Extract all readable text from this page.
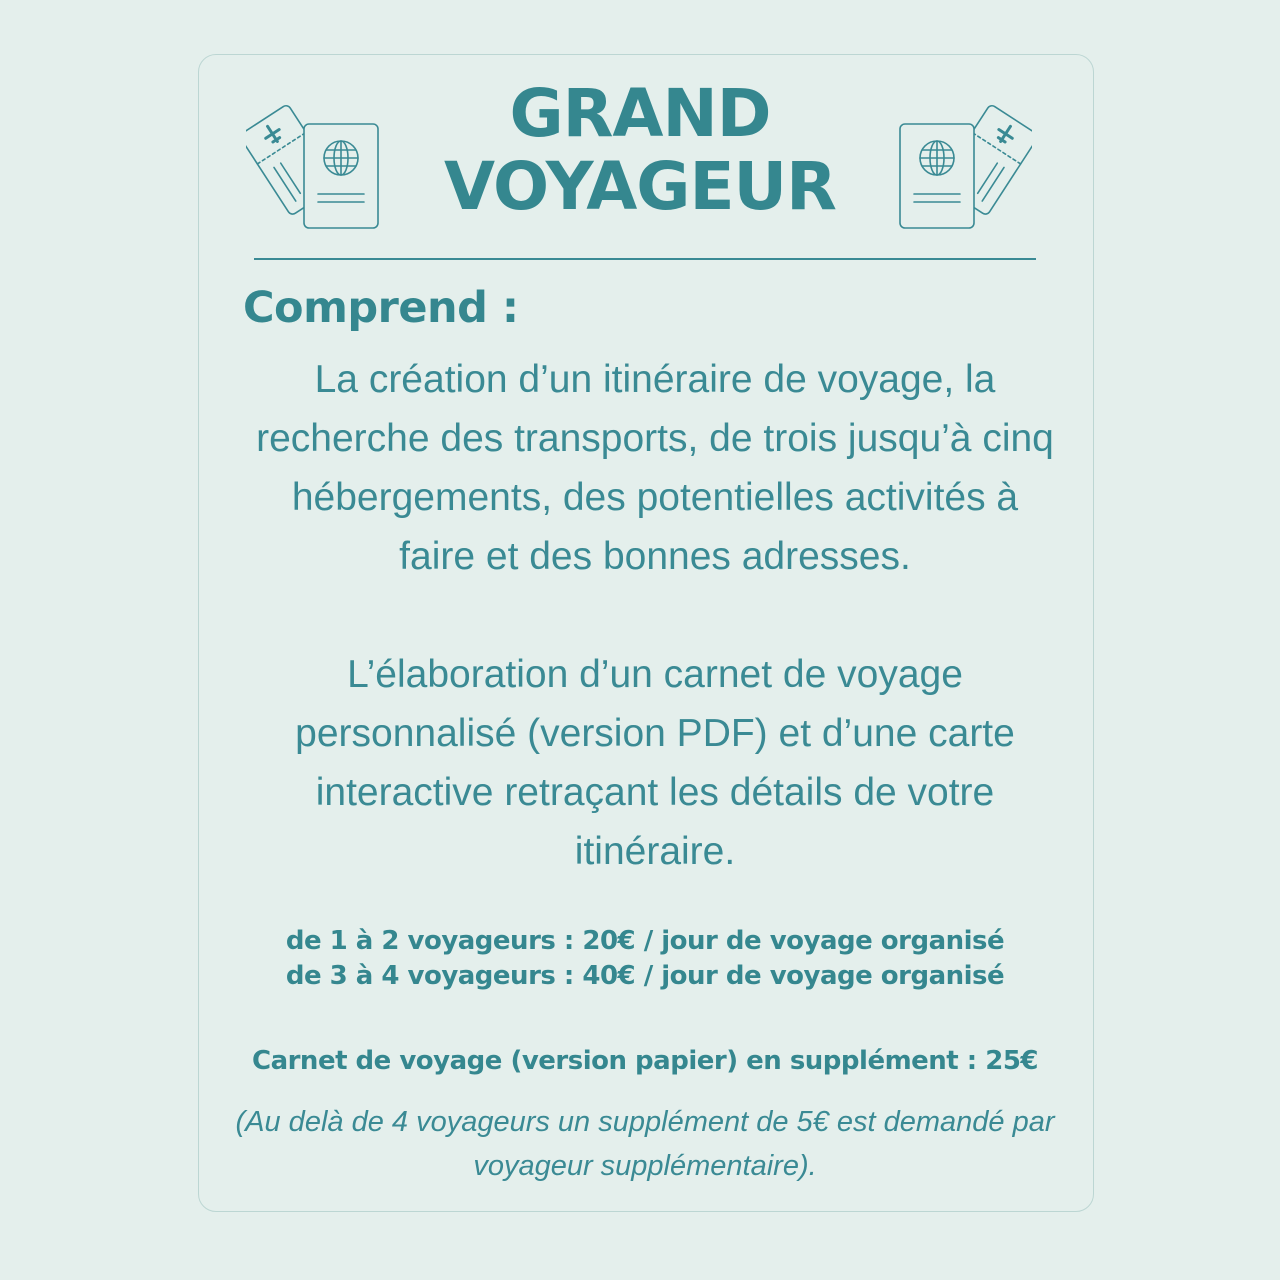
GRAND
VOYAGEUR
Comprend :
La création d’un itinéraire de voyage, la
recherche des transports, de trois jusqu’à cinq
hébergements, des potentielles activités à
faire et des bonnes adresses.
L’élaboration d’un carnet de voyage
personnalisé (version PDF) et d’une carte
interactive retraçant les détails de votre
itinéraire.
de 1 à 2 voyageurs : 20€ / jour de voyage organisé
de 3 à 4 voyageurs : 40€ / jour de voyage organisé
Carnet de voyage (version papier) en supplément : 25€
(Au delà de 4 voyageurs un supplément de 5€ est demandé par
voyageur supplémentaire).
